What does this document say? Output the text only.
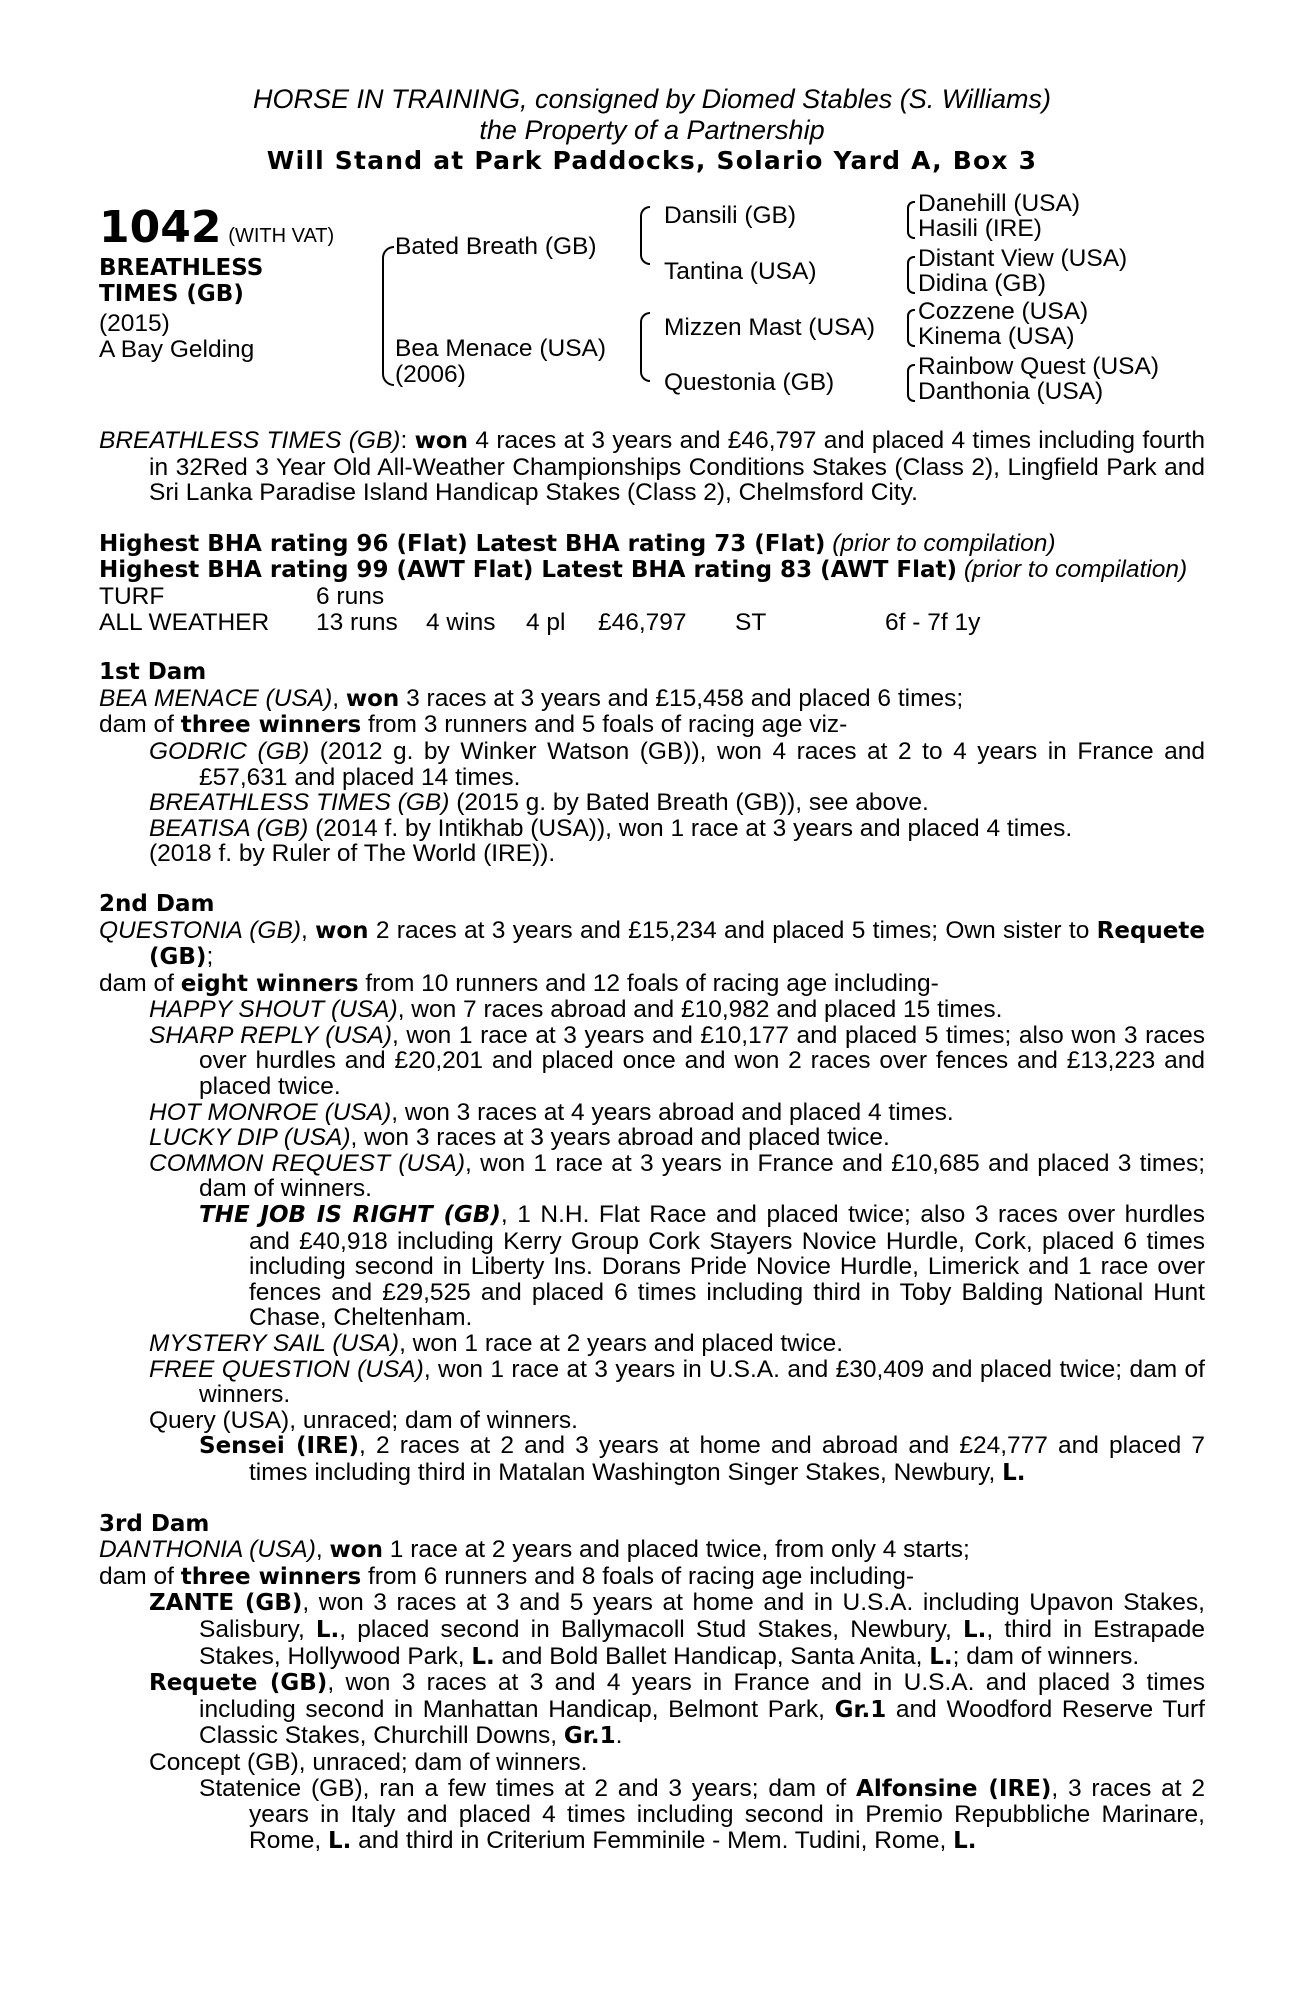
HORSE IN TRAINING, consigned by Diomed Stables (S. Williams)
the Property of a Partnership
Will Stand at Park Paddocks, Solario Yard A, Box 3
1042 (WITH VAT)
BREATHLESS
TIMES (GB)
(2015)
A Bay Gelding
Bated Breath (GB)
Bea Menace (USA)
(2006)
Dansili (GB)
Tantina (USA)
Mizzen Mast (USA)
Questonia (GB)
Danehill (USA)
Hasili (IRE)
Distant View (USA)
Didina (GB)
Cozzene (USA)
Kinema (USA)
Rainbow Quest (USA)
Danthonia (USA)
BREATHLESS TIMES (GB): won 4 races at 3 years and £46,797 and placed 4 times including fourth in 32Red 3 Year Old All-Weather Championships Conditions Stakes (Class 2), Lingfield Park and Sri Lanka Paradise Island Handicap Stakes (Class 2), Chelmsford City.
Highest BHA rating 96 (Flat) Latest BHA rating 73 (Flat) (prior to compilation)
Highest BHA rating 99 (AWT Flat) Latest BHA rating 83 (AWT Flat) (prior to compilation)
TURF	6 runs
ALL WEATHER	13 runs	4 wins	4 pl	£46,797	ST	6f - 7f 1y
1st Dam
BEA MENACE (USA), won 3 races at 3 years and £15,458 and placed 6 times;
dam of three winners from 3 runners and 5 foals of racing age viz-
GODRIC (GB) (2012 g. by Winker Watson (GB)), won 4 races at 2 to 4 years in France and £57,631 and placed 14 times.
BREATHLESS TIMES (GB) (2015 g. by Bated Breath (GB)), see above.
BEATISA (GB) (2014 f. by Intikhab (USA)), won 1 race at 3 years and placed 4 times.
(2018 f. by Ruler of The World (IRE)).
2nd Dam
QUESTONIA (GB), won 2 races at 3 years and £15,234 and placed 5 times; Own sister to Requete (GB);
dam of eight winners from 10 runners and 12 foals of racing age including-
HAPPY SHOUT (USA), won 7 races abroad and £10,982 and placed 15 times.
SHARP REPLY (USA), won 1 race at 3 years and £10,177 and placed 5 times; also won 3 races over hurdles and £20,201 and placed once and won 2 races over fences and £13,223 and placed twice.
HOT MONROE (USA), won 3 races at 4 years abroad and placed 4 times.
LUCKY DIP (USA), won 3 races at 3 years abroad and placed twice.
COMMON REQUEST (USA), won 1 race at 3 years in France and £10,685 and placed 3 times; dam of winners.
THE JOB IS RIGHT (GB), 1 N.H. Flat Race and placed twice; also 3 races over hurdles and £40,918 including Kerry Group Cork Stayers Novice Hurdle, Cork, placed 6 times including second in Liberty Ins. Dorans Pride Novice Hurdle, Limerick and 1 race over fences and £29,525 and placed 6 times including third in Toby Balding National Hunt Chase, Cheltenham.
MYSTERY SAIL (USA), won 1 race at 2 years and placed twice.
FREE QUESTION (USA), won 1 race at 3 years in U.S.A. and £30,409 and placed twice; dam of winners.
Query (USA), unraced; dam of winners.
Sensei (IRE), 2 races at 2 and 3 years at home and abroad and £24,777 and placed 7 times including third in Matalan Washington Singer Stakes, Newbury, L.
3rd Dam
DANTHONIA (USA), won 1 race at 2 years and placed twice, from only 4 starts;
dam of three winners from 6 runners and 8 foals of racing age including-
ZANTE (GB), won 3 races at 3 and 5 years at home and in U.S.A. including Upavon Stakes, Salisbury, L., placed second in Ballymacoll Stud Stakes, Newbury, L., third in Estrapade Stakes, Hollywood Park, L. and Bold Ballet Handicap, Santa Anita, L.; dam of winners.
Requete (GB), won 3 races at 3 and 4 years in France and in U.S.A. and placed 3 times including second in Manhattan Handicap, Belmont Park, Gr.1 and Woodford Reserve Turf Classic Stakes, Churchill Downs, Gr.1.
Concept (GB), unraced; dam of winners.
Statenice (GB), ran a few times at 2 and 3 years; dam of Alfonsine (IRE), 3 races at 2 years in Italy and placed 4 times including second in Premio Repubbliche Marinare, Rome, L. and third in Criterium Femminile - Mem. Tudini, Rome, L.
